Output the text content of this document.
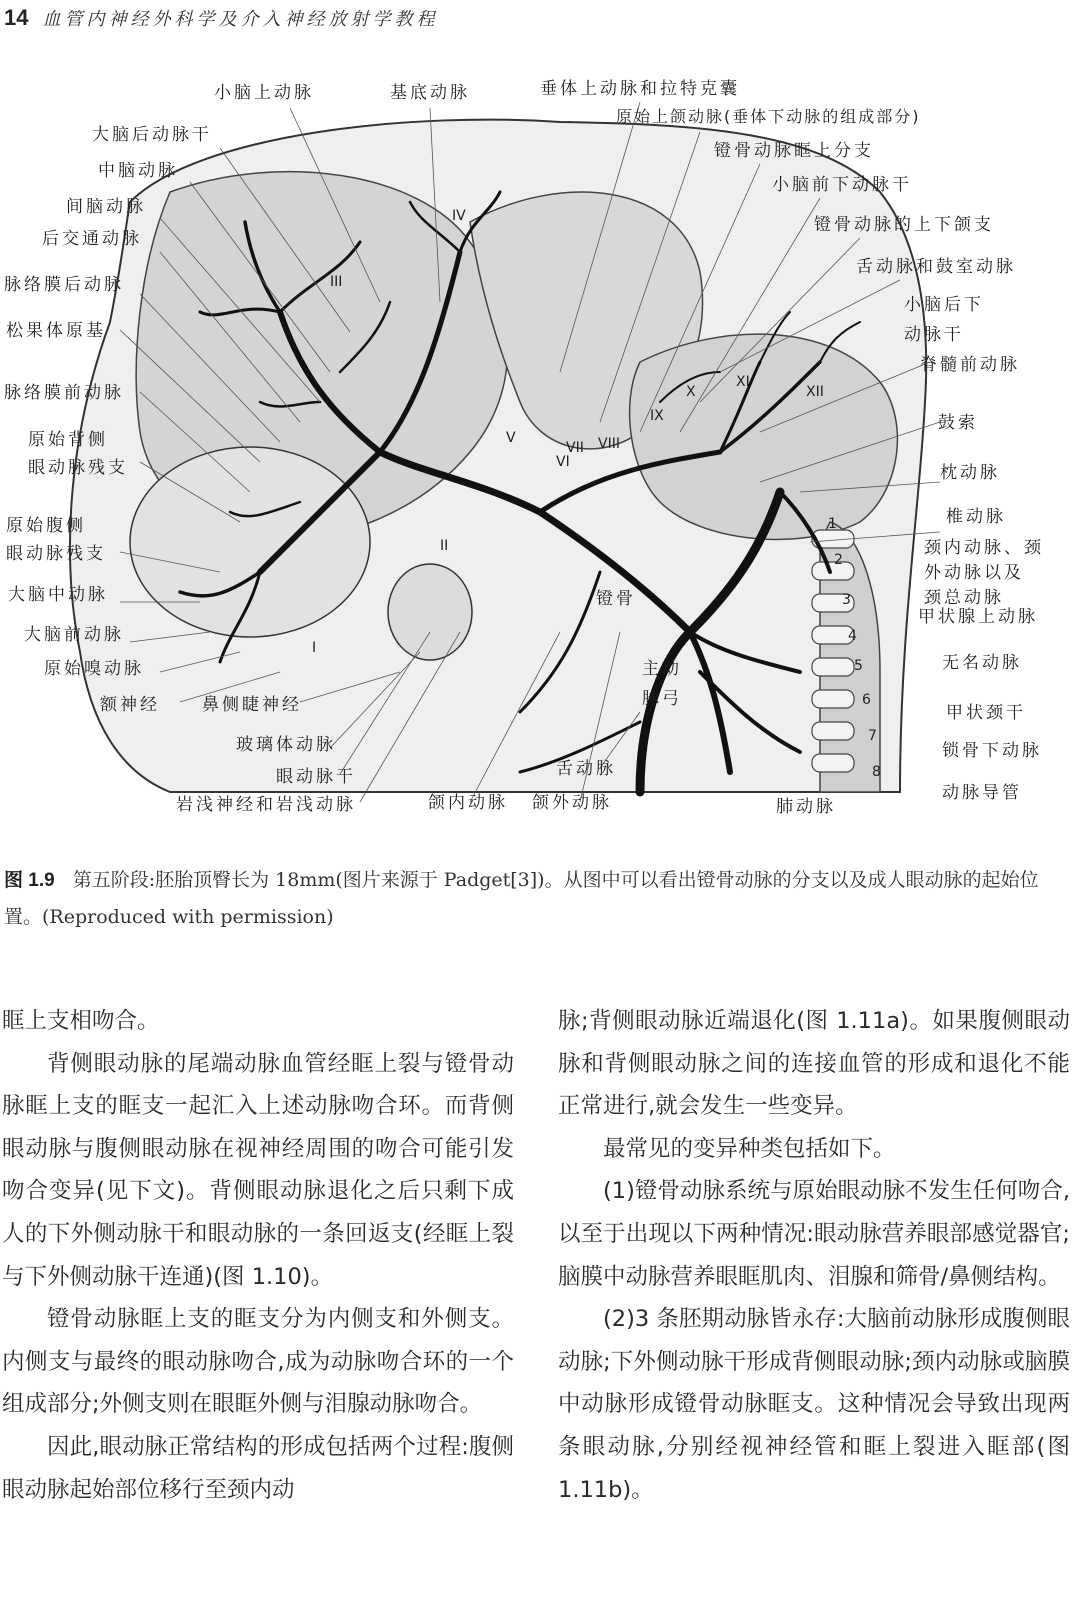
14 血管内神经外科学及介入神经放射学教程
小脑上动脉	基底动脉	垂体上动脉和拉特克囊
原始上颌动脉(垂体下动脉的组成部分)
镫骨动脉眶上分支
小脑前下动脉干
镫骨动脉的上下颌支
舌动脉和鼓室动脉
小脑后下
动脉干
脊髓前动脉
鼓索
枕动脉
椎动脉
颈内动脉、颈
外动脉以及
颈总动脉
甲状腺上动脉
无名动脉
甲状颈干
锁骨下动脉
动脉导管
肺动脉
颌外动脉
颌内动脉
舌动脉
岩浅神经和岩浅动脉
眼动脉干
玻璃体动脉
鼻侧睫神经
额神经
原始嗅动脉
大脑前动脉
大脑中动脉
原始腹侧
眼动脉残支
原始背侧
眼动脉残支
脉络膜前动脉
松果体原基
脉络膜后动脉
后交通动脉
间脑动脉
中脑动脉
大脑后动脉干
镫骨
主动
脉弓
I
II
III
IV
V
VI
VII VIII
IX
X
XI
XII
1
2
3
4
5
6
7
8
图 1.9 第五阶段:胚胎顶臀长为 18mm(图片来源于 Padget[3])。从图中可以看出镫骨动脉的分支以及成人眼动脉的起始位置。(Reproduced with permission)

眶上支相吻合。

背侧眼动脉的尾端动脉血管经眶上裂与镫骨动脉眶上支的眶支一起汇入上述动脉吻合环。而背侧眼动脉与腹侧眼动脉在视神经周围的吻合可能引发吻合变异(见下文)。背侧眼动脉退化之后只剩下成人的下外侧动脉干和眼动脉的一条回返支(经眶上裂与下外侧动脉干连通)(图 1.10)。

镫骨动脉眶上支的眶支分为内侧支和外侧支。内侧支与最终的眼动脉吻合,成为动脉吻合环的一个组成部分;外侧支则在眼眶外侧与泪腺动脉吻合。

因此,眼动脉正常结构的形成包括两个过程:腹侧眼动脉起始部位移行至颈内动

脉;背侧眼动脉近端退化(图 1.11a)。如果腹侧眼动脉和背侧眼动脉之间的连接血管的形成和退化不能正常进行,就会发生一些变异。

最常见的变异种类包括如下。

(1)镫骨动脉系统与原始眼动脉不发生任何吻合,以至于出现以下两种情况:眼动脉营养眼部感觉器官;脑膜中动脉营养眼眶肌肉、泪腺和筛骨/鼻侧结构。

(2)3 条胚期动脉皆永存:大脑前动脉形成腹侧眼动脉;下外侧动脉干形成背侧眼动脉;颈内动脉或脑膜中动脉形成镫骨动脉眶支。这种情况会导致出现两条眼动脉,分别经视神经管和眶上裂进入眶部(图 1.11b)。
